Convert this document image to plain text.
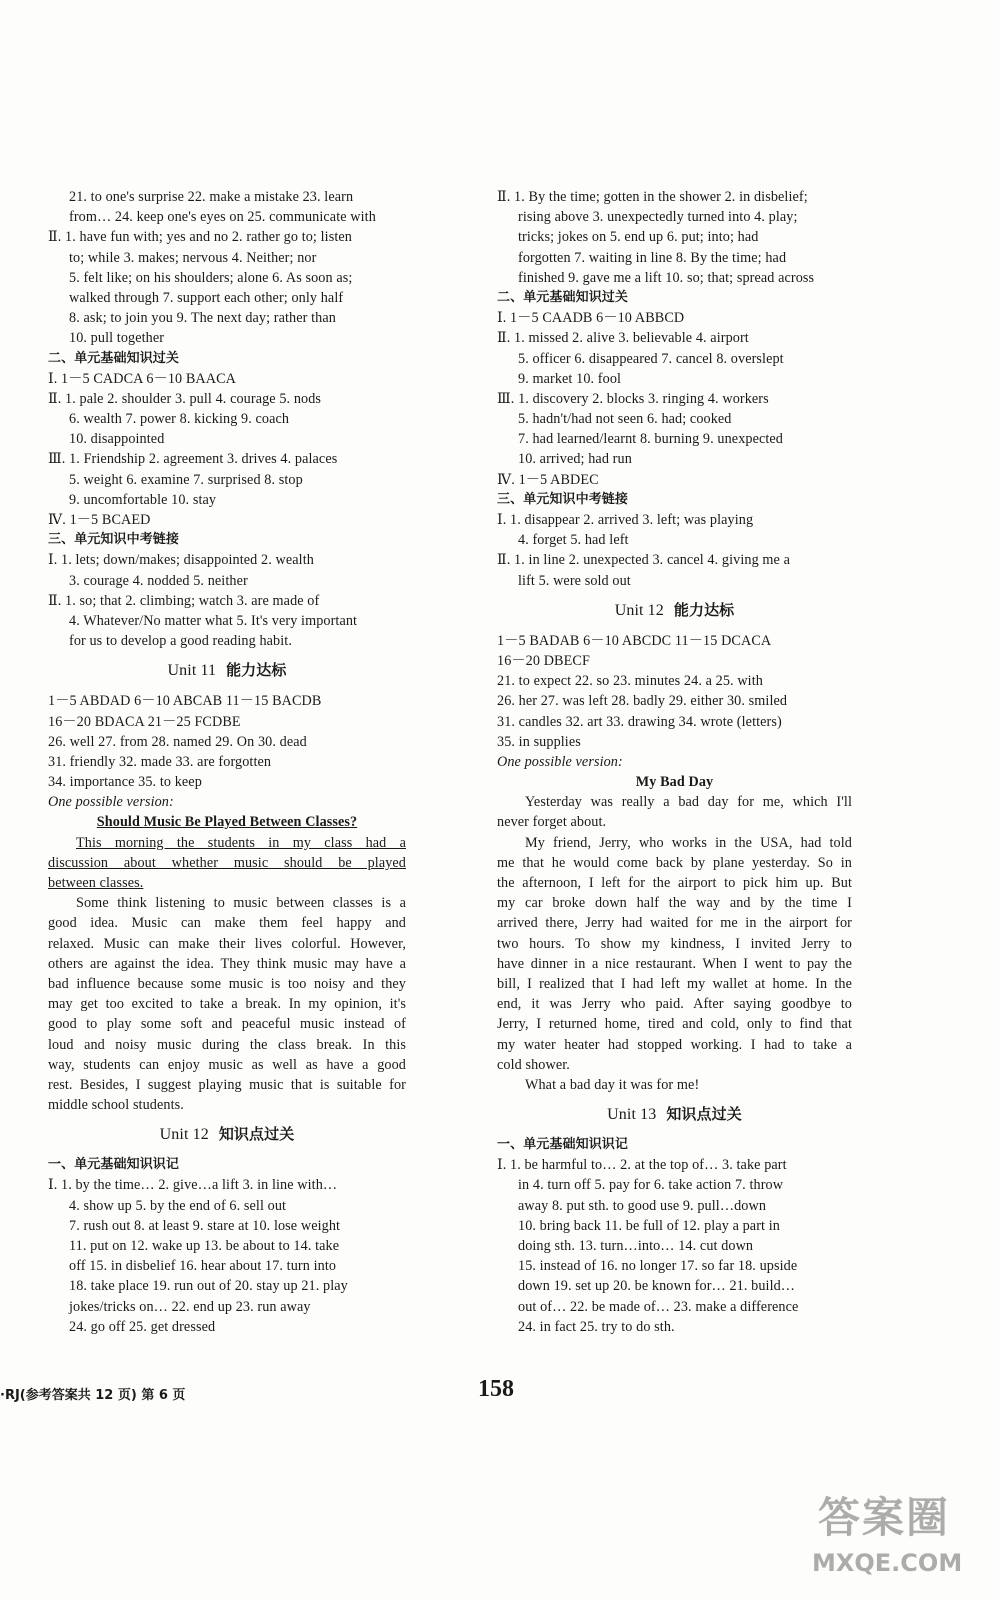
21. to one's surprise 22. make a mistake 23. learn
from… 24. keep one's eyes on 25. communicate with
Ⅱ. 1. have fun with; yes and no 2. rather go to; listen
to; while 3. makes; nervous 4. Neither; nor
5. felt like; on his shoulders; alone 6. As soon as;
walked through 7. support each other; only half
8. ask; to join you 9. The next day; rather than
10. pull together
二、单元基础知识过关
Ⅰ. 1－5 CADCA 6－10 BAACA
Ⅱ. 1. pale 2. shoulder 3. pull 4. courage 5. nods
6. wealth 7. power 8. kicking 9. coach
10. disappointed
Ⅲ. 1. Friendship 2. agreement 3. drives 4. palaces
5. weight 6. examine 7. surprised 8. stop
9. uncomfortable 10. stay
Ⅳ. 1－5 BCAED
三、单元知识中考链接
Ⅰ. 1. lets; down/makes; disappointed 2. wealth
3. courage 4. nodded 5. neither
Ⅱ. 1. so; that 2. climbing; watch 3. are made of
4. Whatever/No matter what 5. It's very important
for us to develop a good reading habit.
Unit 11 能力达标
1－5 ABDAD 6－10 ABCAB 11－15 BACDB
16－20 BDACA 21－25 FCDBE
26. well 27. from 28. named 29. On 30. dead
31. friendly 32. made 33. are forgotten
34. importance 35. to keep
One possible version:
Should Music Be Played Between Classes?
This morning the students in my class had a
discussion about whether music should be played
between classes.
Some think listening to music between classes is a
good idea. Music can make them feel happy and
relaxed. Music can make their lives colorful. However,
others are against the idea. They think music may have a
bad influence because some music is too noisy and they
may get too excited to take a break. In my opinion, it's
good to play some soft and peaceful music instead of
loud and noisy music during the class break. In this
way, students can enjoy music as well as have a good
rest. Besides, I suggest playing music that is suitable for
middle school students.
Unit 12 知识点过关
一、单元基础知识识记
Ⅰ. 1. by the time… 2. give…a lift 3. in line with…
4. show up 5. by the end of 6. sell out
7. rush out 8. at least 9. stare at 10. lose weight
11. put on 12. wake up 13. be about to 14. take
off 15. in disbelief 16. hear about 17. turn into
18. take place 19. run out of 20. stay up 21. play
jokes/tricks on… 22. end up 23. run away
24. go off 25. get dressed
Ⅱ. 1. By the time; gotten in the shower 2. in disbelief;
rising above 3. unexpectedly turned into 4. play;
tricks; jokes on 5. end up 6. put; into; had
forgotten 7. waiting in line 8. By the time; had
finished 9. gave me a lift 10. so; that; spread across
二、单元基础知识过关
Ⅰ. 1－5 CAADB 6－10 ABBCD
Ⅱ. 1. missed 2. alive 3. believable 4. airport
5. officer 6. disappeared 7. cancel 8. overslept
9. market 10. fool
Ⅲ. 1. discovery 2. blocks 3. ringing 4. workers
5. hadn't/had not seen 6. had; cooked
7. had learned/learnt 8. burning 9. unexpected
10. arrived; had run
Ⅳ. 1－5 ABDEC
三、单元知识中考链接
Ⅰ. 1. disappear 2. arrived 3. left; was playing
4. forget 5. had left
Ⅱ. 1. in line 2. unexpected 3. cancel 4. giving me a
lift 5. were sold out
Unit 12 能力达标
1－5 BADAB 6－10 ABCDC 11－15 DCACA
16－20 DBECF
21. to expect 22. so 23. minutes 24. a 25. with
26. her 27. was left 28. badly 29. either 30. smiled
31. candles 32. art 33. drawing 34. wrote (letters)
35. in supplies
One possible version:
My Bad Day
Yesterday was really a bad day for me, which I'll
never forget about.
My friend, Jerry, who works in the USA, had told
me that he would come back by plane yesterday. So in
the afternoon, I left for the airport to pick him up. But
my car broke down half the way and by the time I
arrived there, Jerry had waited for me in the airport for
two hours. To show my kindness, I invited Jerry to
have dinner in a nice restaurant. When I went to pay the
bill, I realized that I had left my wallet at home. In the
end, it was Jerry who paid. After saying goodbye to
Jerry, I returned home, tired and cold, only to find that
my water heater had stopped working. I had to take a
cold shower.
What a bad day it was for me!
Unit 13 知识点过关
一、单元基础知识识记
Ⅰ. 1. be harmful to… 2. at the top of… 3. take part
in 4. turn off 5. pay for 6. take action 7. throw
away 8. put sth. to good use 9. pull…down
10. bring back 11. be full of 12. play a part in
doing sth. 13. turn…into… 14. cut down
15. instead of 16. no longer 17. so far 18. upside
down 19. set up 20. be known for… 21. build…
out of… 22. be made of… 23. make a difference
24. in fact 25. try to do sth.
·RJ(参考答案共 12 页) 第 6 页	158
答案圈
MXQE.COM
